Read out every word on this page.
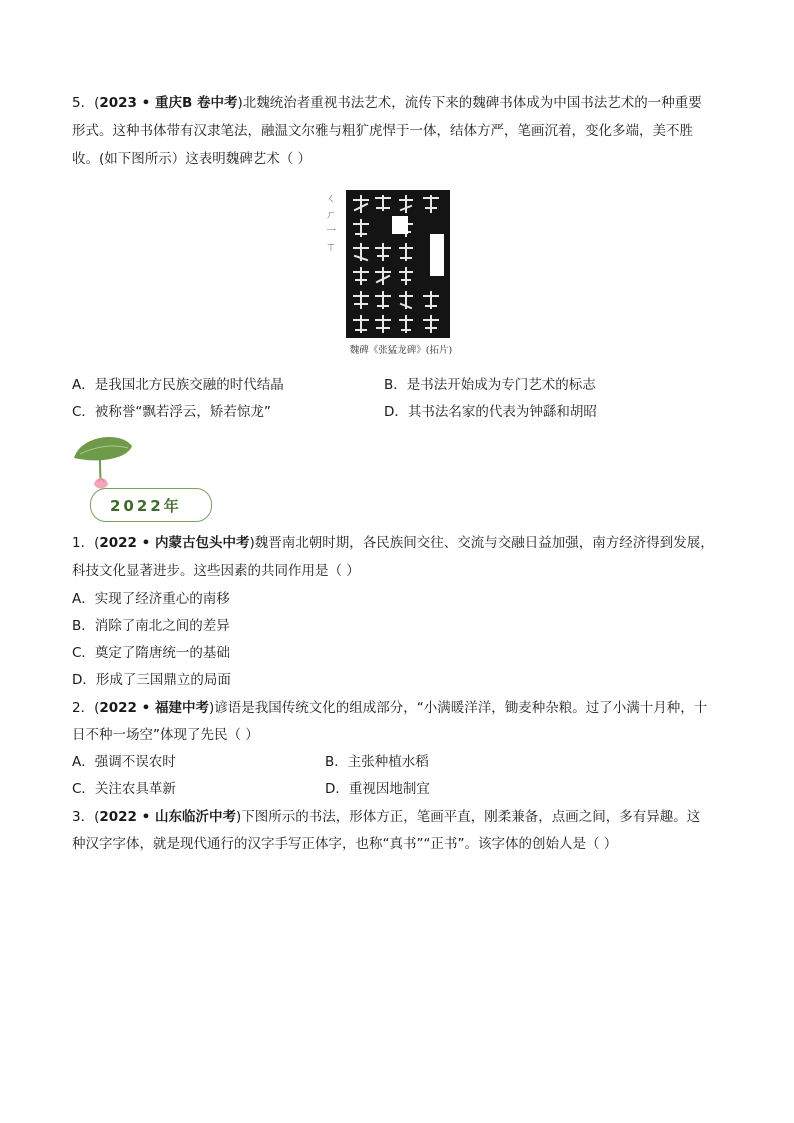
5．(2023 • 重庆B 卷中考)北魏统治者重视书法艺术，流传下来的魏碑书体成为中国书法艺术的一种重要
形式。这种书体带有汉隶笔法，融温文尔雅与粗犷虎悍于一体，结体方严，笔画沉着，变化多端，美不胜
收。(如下图所示）这表明魏碑艺术（ ）
ㄑ
ㄏ
一
ㄒ
魏碑《张猛龙碑》(拓片)
A．是我国北方民族交融的时代结晶	B．是书法开始成为专门艺术的标志
C．被称誉“飘若浮云，矫若惊龙”	D．其书法名家的代表为钟繇和胡昭
2022年
1．(2022 • 内蒙古包头中考)魏晋南北朝时期，各民族间交往、交流与交融日益加强，南方经济得到发展，
科技文化显著进步。这些因素的共同作用是（ ）
A．实现了经济重心的南移
B．消除了南北之间的差异
C．奠定了隋唐统一的基础
D．形成了三国鼎立的局面
2．(2022 • 福建中考)谚语是我国传统文化的组成部分，“小满暖洋洋，锄麦种杂粮。过了小满十月种，十
日不种一场空”体现了先民（ ）
A．强调不误农时	B．主张种植水稻
C．关注农具革新	D．重视因地制宜
3．(2022 • 山东临沂中考)下图所示的书法，形体方正，笔画平直，刚柔兼备，点画之间，多有异趣。这
种汉字字体，就是现代通行的汉字手写正体字，也称“真书”“正书”。该字体的创始人是（ ）
